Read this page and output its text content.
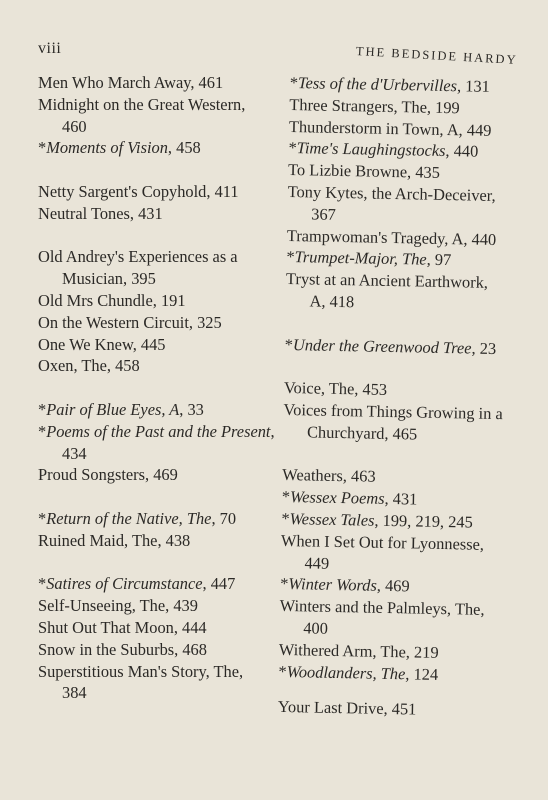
viii	THE BEDSIDE HARDY

Men Who March Away, 461

Midnight on the Great Western,
460

*Moments of Vision, 458

Netty Sargent's Copyhold, 411

Neutral Tones, 431

Old Andrey's Experiences as a
Musician, 395

Old Mrs Chundle, 191

On the Western Circuit, 325

One We Knew, 445

Oxen, The, 458

*Pair of Blue Eyes, A, 33

*Poems of the Past and the Present,
434

Proud Songsters, 469

*Return of the Native, The, 70

Ruined Maid, The, 438

*Satires of Circumstance, 447

Self-Unseeing, The, 439

Shut Out That Moon, 444

Snow in the Suburbs, 468

Superstitious Man's Story, The,
384

*Tess of the d'Urbervilles, 131

Three Strangers, The, 199

Thunderstorm in Town, A, 449

*Time's Laughingstocks, 440

To Lizbie Browne, 435

Tony Kytes, the Arch-Deceiver,
367

Trampwoman's Tragedy, A, 440

*Trumpet-Major, The, 97

Tryst at an Ancient Earthwork,
A, 418

*Under the Greenwood Tree, 23

Voice, The, 453

Voices from Things Growing in a
Churchyard, 465

Weathers, 463

*Wessex Poems, 431

*Wessex Tales, 199, 219, 245

When I Set Out for Lyonnesse,
449

*Winter Words, 469

Winters and the Palmleys, The,
400

Withered Arm, The, 219

*Woodlanders, The, 124

Your Last Drive, 451
